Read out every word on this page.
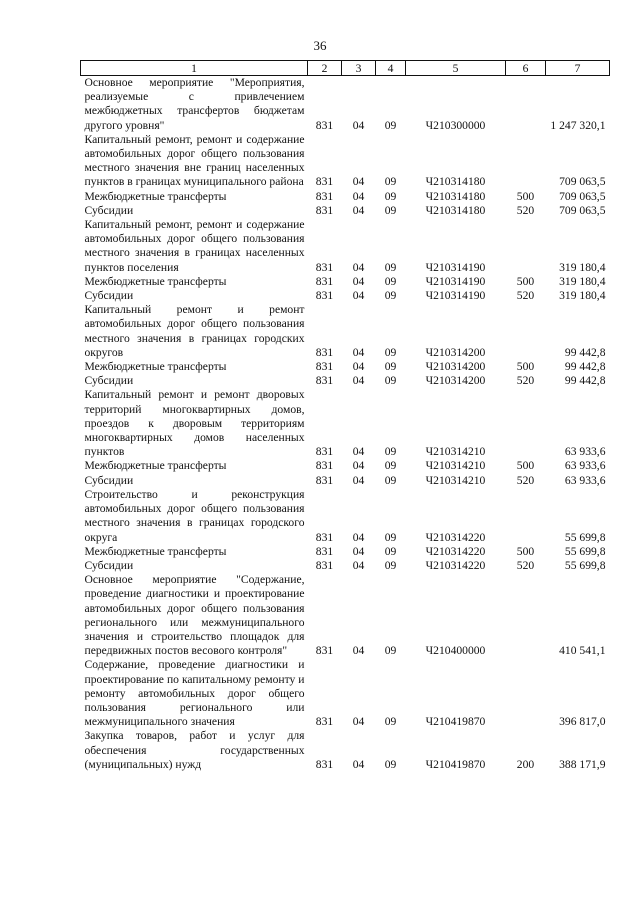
36
1	2	3	4	5	6	7
Основное мероприятие "Мероприятия, реализуемые с привлечением межбюджетных трансфертов бюджетам другого уровня"	831	04	09	Ч210300000		1 247 320,1
Капитальный ремонт, ремонт и содержание автомобильных дорог общего пользования местного значения вне границ населенных пунктов в границах муниципального района	831	04	09	Ч210314180		709 063,5
Межбюджетные трансферты	831	04	09	Ч210314180	500	709 063,5
Субсидии	831	04	09	Ч210314180	520	709 063,5
Капитальный ремонт, ремонт и содержание автомобильных дорог общего пользования местного значения в границах населенных пунктов поселения	831	04	09	Ч210314190		319 180,4
Межбюджетные трансферты	831	04	09	Ч210314190	500	319 180,4
Субсидии	831	04	09	Ч210314190	520	319 180,4
Капитальный ремонт и ремонт автомобильных дорог общего пользования местного значения в границах городских округов	831	04	09	Ч210314200		99 442,8
Межбюджетные трансферты	831	04	09	Ч210314200	500	99 442,8
Субсидии	831	04	09	Ч210314200	520	99 442,8
Капитальный ремонт и ремонт дворовых территорий многоквартирных домов, проездов к дворовым территориям многоквартирных домов населенных пунктов	831	04	09	Ч210314210		63 933,6
Межбюджетные трансферты	831	04	09	Ч210314210	500	63 933,6
Субсидии	831	04	09	Ч210314210	520	63 933,6
Строительство и реконструкция автомобильных дорог общего пользования местного значения в границах городского округа	831	04	09	Ч210314220		55 699,8
Межбюджетные трансферты	831	04	09	Ч210314220	500	55 699,8
Субсидии	831	04	09	Ч210314220	520	55 699,8
Основное мероприятие "Содержание, проведение диагностики и проектирование автомобильных дорог общего пользования регионального или межмуниципального значения и строительство площадок для передвижных постов весового контроля"	831	04	09	Ч210400000		410 541,1
Содержание, проведение диагностики и проектирование по капитальному ремонту и ремонту автомобильных дорог общего пользования регионального или межмуниципального значения	831	04	09	Ч210419870		396 817,0
Закупка товаров, работ и услуг для обеспечения государственных (муниципальных) нужд	831	04	09	Ч210419870	200	388 171,9
